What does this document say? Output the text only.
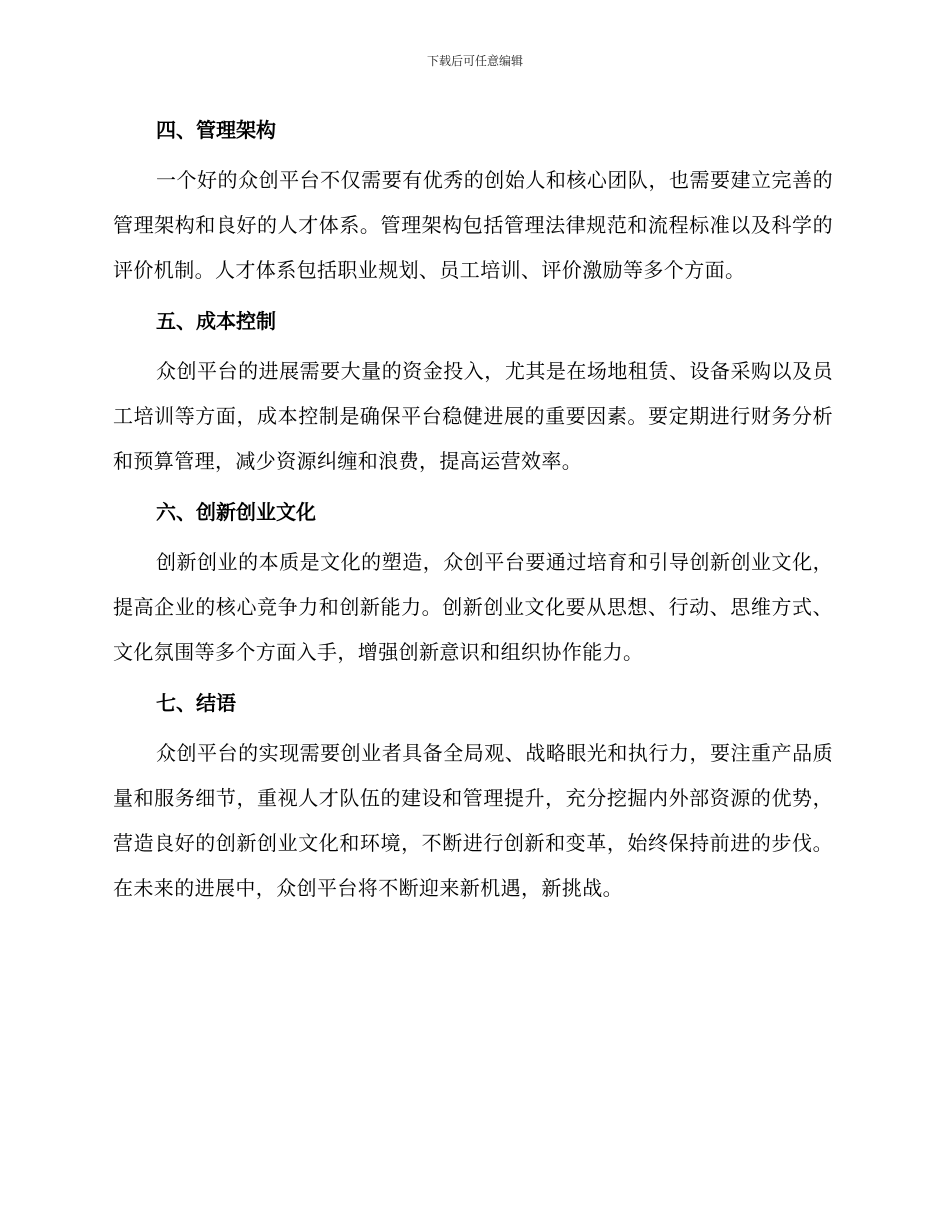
下载后可任意编辑
四、管理架构

一个好的众创平台不仅需要有优秀的创始人和核心团队，也需要建立完善的管理架构和良好的人才体系。管理架构包括管理法律规范和流程标准以及科学的评价机制。人才体系包括职业规划、员工培训、评价激励等多个方面。

五、成本控制

众创平台的进展需要大量的资金投入，尤其是在场地租赁、设备采购以及员工培训等方面，成本控制是确保平台稳健进展的重要因素。要定期进行财务分析和预算管理，减少资源纠缠和浪费，提高运营效率。

六、创新创业文化

创新创业的本质是文化的塑造，众创平台要通过培育和引导创新创业文化，提高企业的核心竞争力和创新能力。创新创业文化要从思想、行动、思维方式、文化氛围等多个方面入手，增强创新意识和组织协作能力。

七、结语

众创平台的实现需要创业者具备全局观、战略眼光和执行力，要注重产品质量和服务细节，重视人才队伍的建设和管理提升，充分挖掘内外部资源的优势，营造良好的创新创业文化和环境，不断进行创新和变革，始终保持前进的步伐。在未来的进展中，众创平台将不断迎来新机遇，新挑战。
